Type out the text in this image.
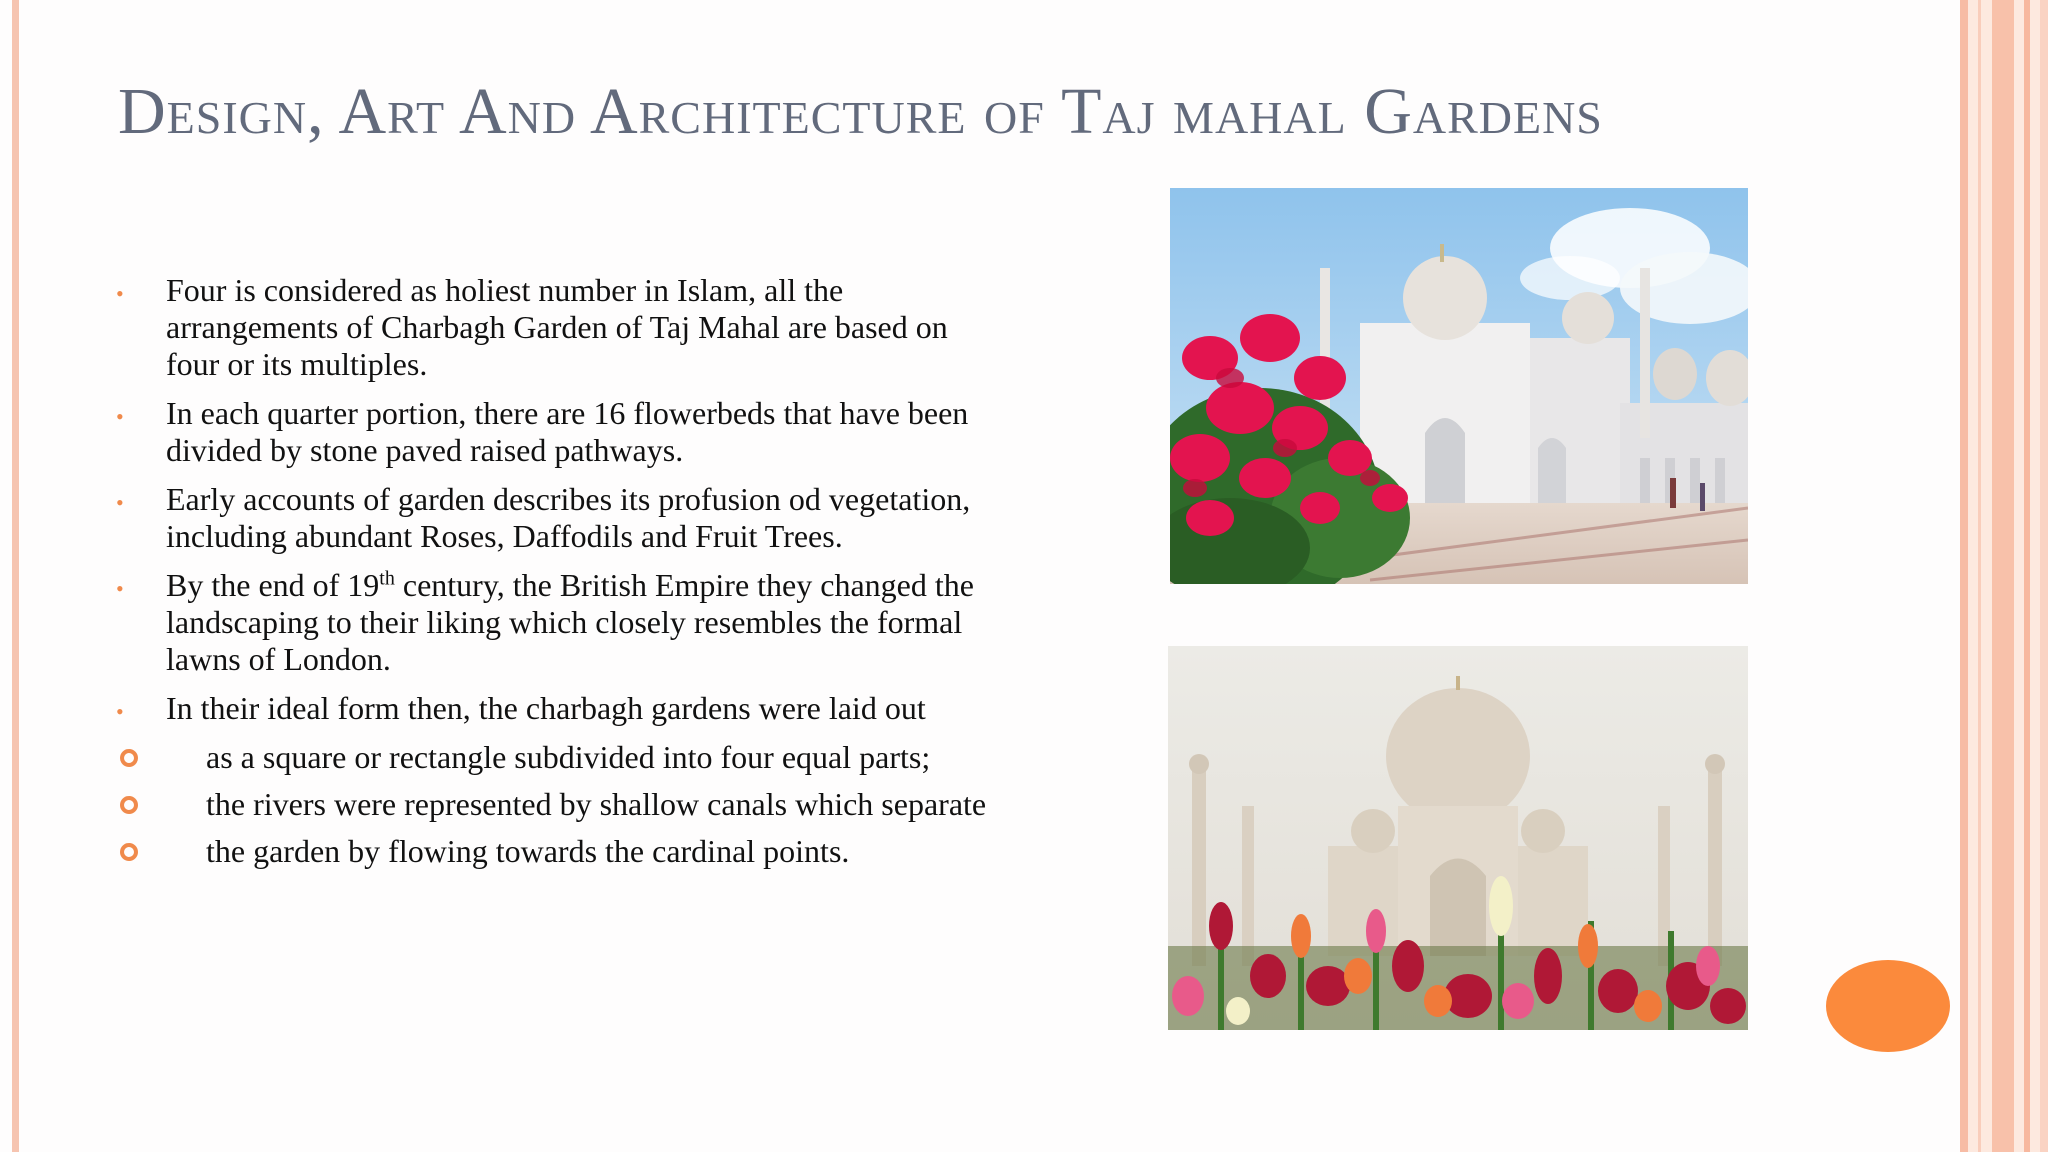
Design, Art And Architecture of Taj mahal Gardens
• Four is considered as holiest number in Islam, all the arrangements of Charbagh Garden of Taj Mahal are based on four or its multiples.
• In each quarter portion, there are 16 flowerbeds that have been divided by stone paved raised pathways.
• Early accounts of garden describes its profusion od vegetation, including abundant Roses, Daffodils and Fruit Trees.
• By the end of 19th century, the British Empire they changed the landscaping to their liking which closely resembles the formal lawns of London.
• In their ideal form then, the charbagh gardens were laid out
as a square or rectangle subdivided into four equal parts;
the rivers were represented by shallow canals which separate
the garden by flowing towards the cardinal points.
